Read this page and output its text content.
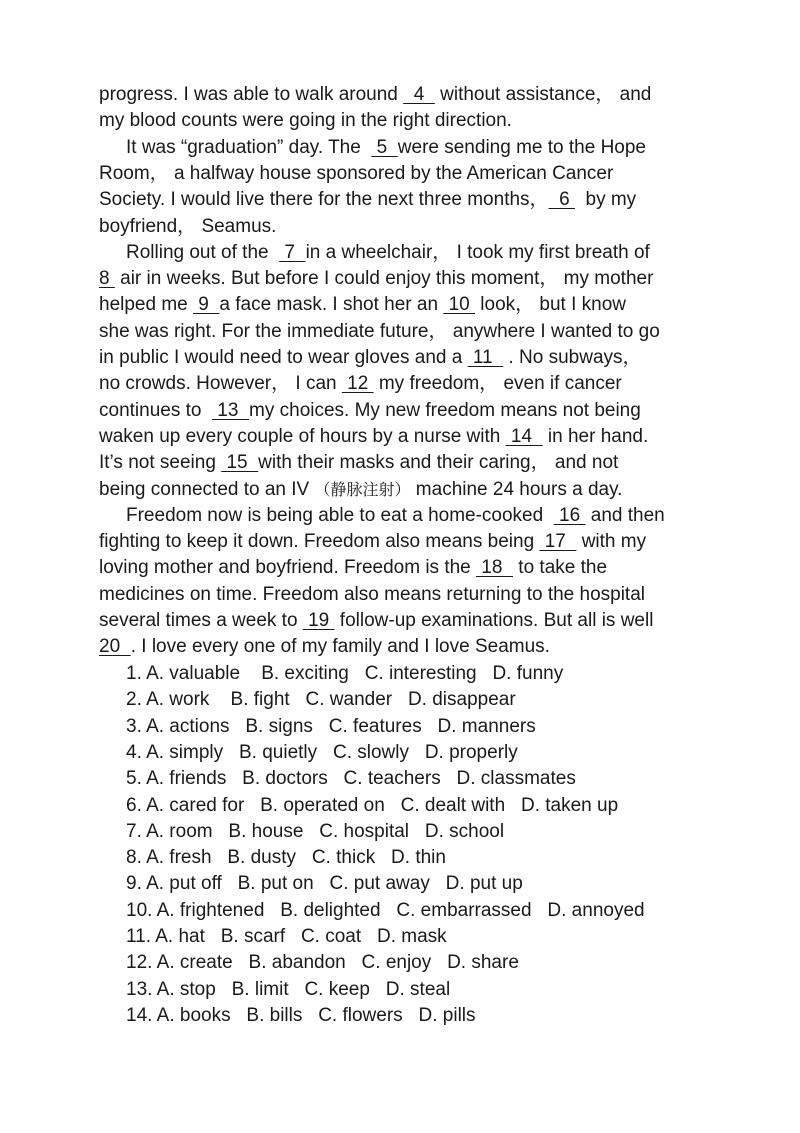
progress. I was able to walk around   4   without assistance， and

my blood counts were going in the right direction.

It was “graduation” day. The   5  were sending me to the Hope

Room， a halfway house sponsored by the American Cancer

Society. I would live there for the next three months，  6   by my

boyfriend， Seamus.

Rolling out of the   7  in a wheelchair， I took my first breath of

8  air in weeks. But before I could enjoy this moment， my mother

helped me  9  a face mask. I shot her an  10  look， but I know

she was right. For the immediate future， anywhere I wanted to go

in public I would need to wear gloves and a  11   . No subways，

no crowds. However， I can  12  my freedom， even if cancer

continues to   13  my choices. My new freedom means not being

waken up every couple of hours by a nurse with  14   in her hand.

It’s not seeing  15  with their masks and their caring， and not

being connected to an IV （静脉注射） machine 24 hours a day.

Freedom now is being able to eat a home-cooked   16  and then

fighting to keep it down. Freedom also means being  17   with my

loving mother and boyfriend. Freedom is the  18   to take the

medicines on time. Freedom also means returning to the hospital

several times a week to  19  follow-up examinations. But all is well

20  . I love every one of my family and I love Seamus.

1. A. valuable    B. exciting   C. interesting   D. funny

2. A. work    B. fight   C. wander   D. disappear

3. A. actions   B. signs   C. features   D. manners

4. A. simply   B. quietly   C. slowly   D. properly

5. A. friends   B. doctors   C. teachers   D. classmates

6. A. cared for   B. operated on   C. dealt with   D. taken up

7. A. room   B. house   C. hospital   D. school

8. A. fresh   B. dusty   C. thick   D. thin

9. A. put off   B. put on   C. put away   D. put up

10. A. frightened   B. delighted   C. embarrassed   D. annoyed

11. A. hat   B. scarf   C. coat   D. mask

12. A. create   B. abandon   C. enjoy   D. share

13. A. stop   B. limit   C. keep   D. steal

14. A. books   B. bills   C. flowers   D. pills
